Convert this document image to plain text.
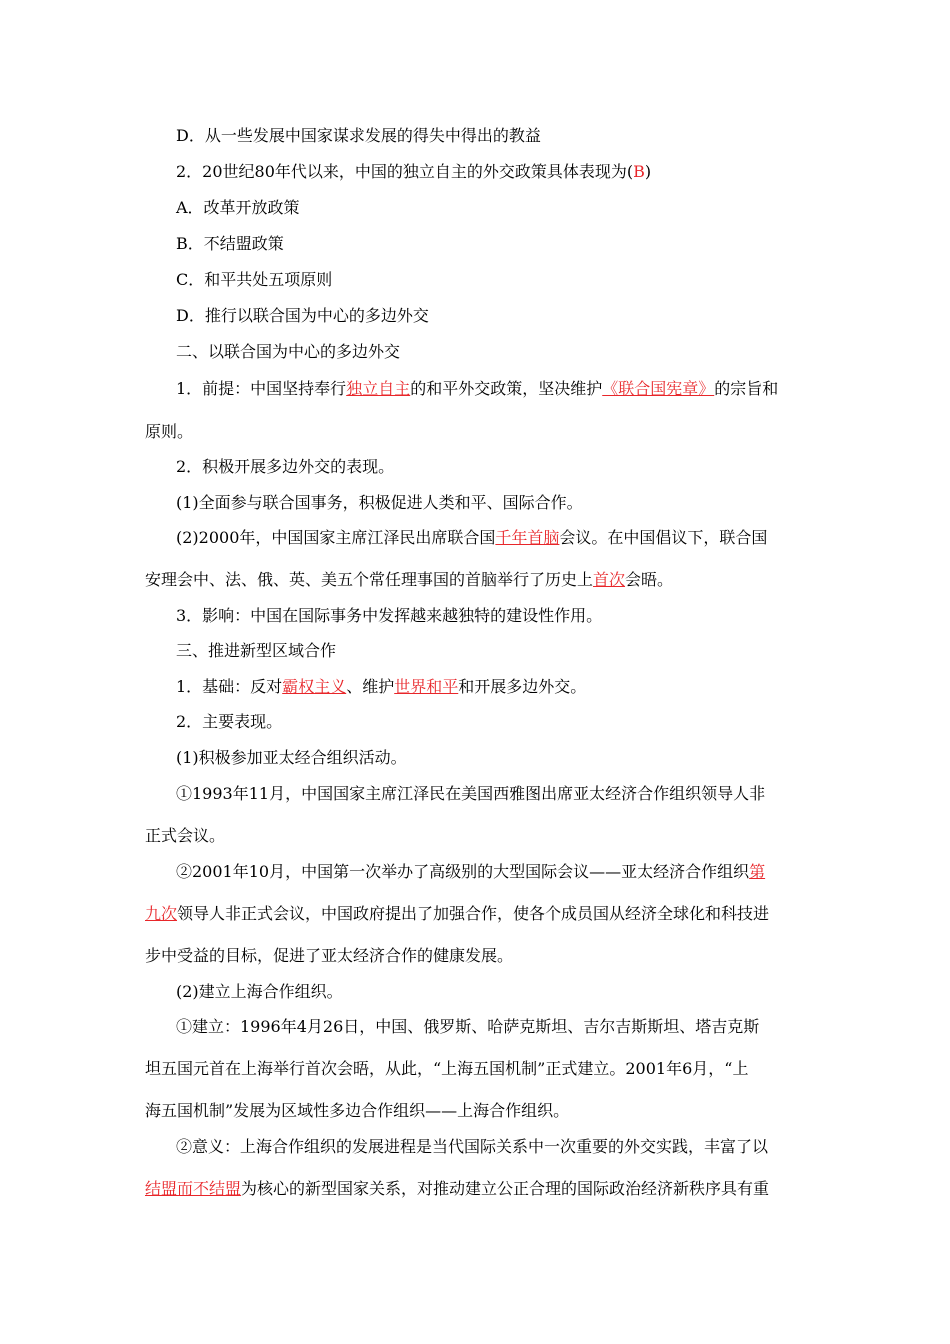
D．从一些发展中国家谋求发展的得失中得出的教益
2．20世纪80年代以来，中国的独立自主的外交政策具体表现为(B)
A．改革开放政策
B．不结盟政策
C．和平共处五项原则
D．推行以联合国为中心的多边外交
二、以联合国为中心的多边外交
1．前提：中国坚持奉行独立自主的和平外交政策，坚决维护《联合国宪章》的宗旨和
原则。
2．积极开展多边外交的表现。
(1)全面参与联合国事务，积极促进人类和平、国际合作。
(2)2000年，中国国家主席江泽民出席联合国千年首脑会议。在中国倡议下，联合国
安理会中、法、俄、英、美五个常任理事国的首脑举行了历史上首次会晤。
3．影响：中国在国际事务中发挥越来越独特的建设性作用。
三、推进新型区域合作
1．基础：反对霸权主义、维护世界和平和开展多边外交。
2．主要表现。
(1)积极参加亚太经合组织活动。
①1993年11月，中国国家主席江泽民在美国西雅图出席亚太经济合作组织领导人非
正式会议。
②2001年10月，中国第一次举办了高级别的大型国际会议——亚太经济合作组织第
九次领导人非正式会议，中国政府提出了加强合作，使各个成员国从经济全球化和科技进
步中受益的目标，促进了亚太经济合作的健康发展。
(2)建立上海合作组织。
①建立：1996年4月26日，中国、俄罗斯、哈萨克斯坦、吉尔吉斯斯坦、塔吉克斯
坦五国元首在上海举行首次会晤，从此，“上海五国机制”正式建立。2001年6月，“上
海五国机制”发展为区域性多边合作组织——上海合作组织。
②意义：上海合作组织的发展进程是当代国际关系中一次重要的外交实践，丰富了以
结盟而不结盟为核心的新型国家关系，对推动建立公正合理的国际政治经济新秩序具有重
